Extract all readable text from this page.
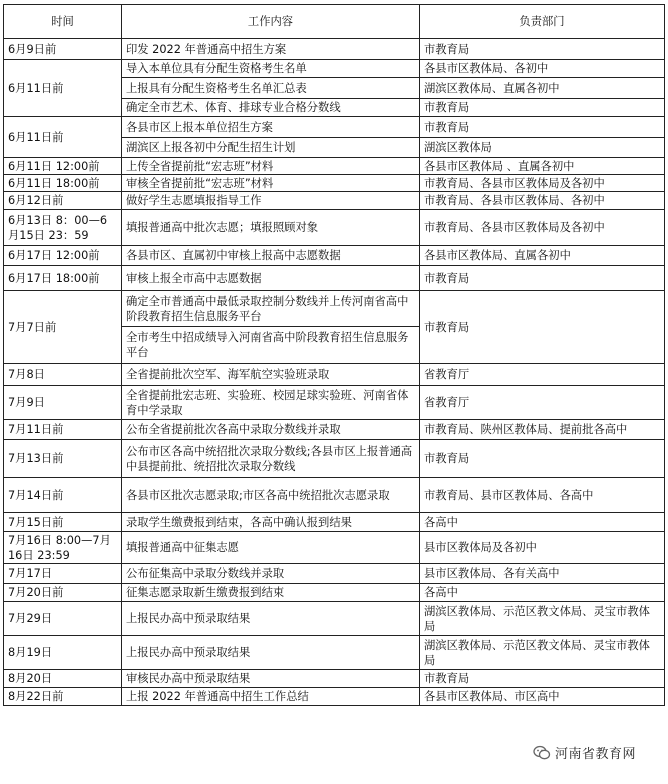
时间	工作内容	负责部门
6月9日前	印发 2022 年普通高中招生方案	市教育局
6月11日前	导入本单位具有分配生资格考生名单	各县市区教体局、各初中
	上报具有分配生资格考生名单汇总表	湖滨区教体局、直属各初中
	确定全市艺术、体育、排球专业合格分数线	市教育局
6月11日前	各县市区上报本单位招生方案	市教育局
	湖滨区上报各初中分配生招生计划	湖滨区教体局
6月11日 12:00前	上传全省提前批“宏志班”材料	各县市区教体局 、直属各初中
6月11日 18:00前	审核全省提前批“宏志班”材料	市教育局、各县市区教体局及各初中
6月12日前	做好学生志愿填报指导工作	市教育局、各县市区教体局、各初中
6月13日 8：00—6月15日 23：59	填报普通高中批次志愿；填报照顾对象	市教育局、各县市区教体局及各初中
6月17日 12:00前	各县市区、直属初中审核上报高中志愿数据	各县市区教体局、直属各初中
6月17日 18:00前	审核上报全市高中志愿数据	市教育局
7月7日前	确定全市普通高中最低录取控制分数线并上传河南省高中阶段教育招生信息服务平台	市教育局
	全市考生中招成绩导入河南省高中阶段教育招生信息服务平台	
7月8日	全省提前批次空军、海军航空实验班录取	省教育厅
7月9日	全省提前批宏志班、实验班、校园足球实验班、河南省体育中学录取	省教育厅
7月11日前	公布全省提前批次各高中录取分数线并录取	市教育局、陕州区教体局、提前批各高中
7月13日前	公布市区各高中统招批次录取分数线;各县市区上报普通高中县提前批、统招批次录取分数线	市教育局
7月14日前	各县市区批次志愿录取;市区各高中统招批次志愿录取	市教育局、县市区教体局、各高中
7月15日前	录取学生缴费报到结束，各高中确认报到结果	各高中
7月16日 8:00—7月16日 23:59	填报普通高中征集志愿	县市区教体局及各初中
7月17日	公布征集高中录取分数线并录取	县市区教体局、各有关高中
7月20日前	征集志愿录取新生缴费报到结束	各高中
7月29日	上报民办高中预录取结果	湖滨区教体局、示范区教文体局、灵宝市教体局
8月19日	上报民办高中预录取结果	湖滨区教体局、示范区教文体局、灵宝市教体局
8月20日	审核民办高中预录取结果	市教育局
8月22日前	上报 2022 年普通高中招生工作总结	各县市区教体局、市区高中
河南省教育网
